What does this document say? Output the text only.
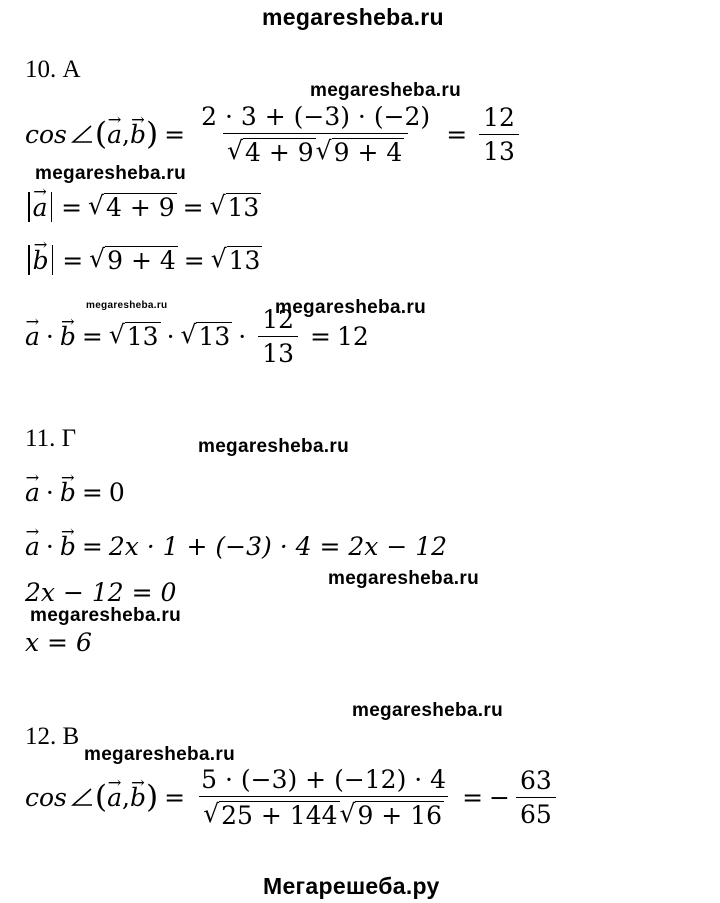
megaresheba.ru
megaresheba.ru
megaresheba.ru
megaresheba.ru	megaresheba.ru
megaresheba.ru
megaresheba.ru
megaresheba.ru
megaresheba.ru
megaresheba.ru
Мегарешеба.ру
10. А
cos ( → a , → b ) = $\frac{2 \cdot 3 + (-3) \cdot (-2)}{√ 4 + 9 √ 9 + 4} = \frac{12}{13}$
→ a = √ 4 + 9 = √ 13
→ b = √ 9 + 4 = √ 13
→ a · → b = √ 13 · √ $13 \cdot \frac{12}{13} = 12$
11. Г
→ a · → b = 0
→ a · → b = 2x · 1 + (−3) · 4 = 2x − 12
2x − 12 = 0
x = 6
12. В
cos ( → a , → b ) = $\frac{5 \cdot (-3) + (-12) \cdot 4}{√ 25 + 144 √ 9 + 16}$ = − $\frac{63}{65}$
